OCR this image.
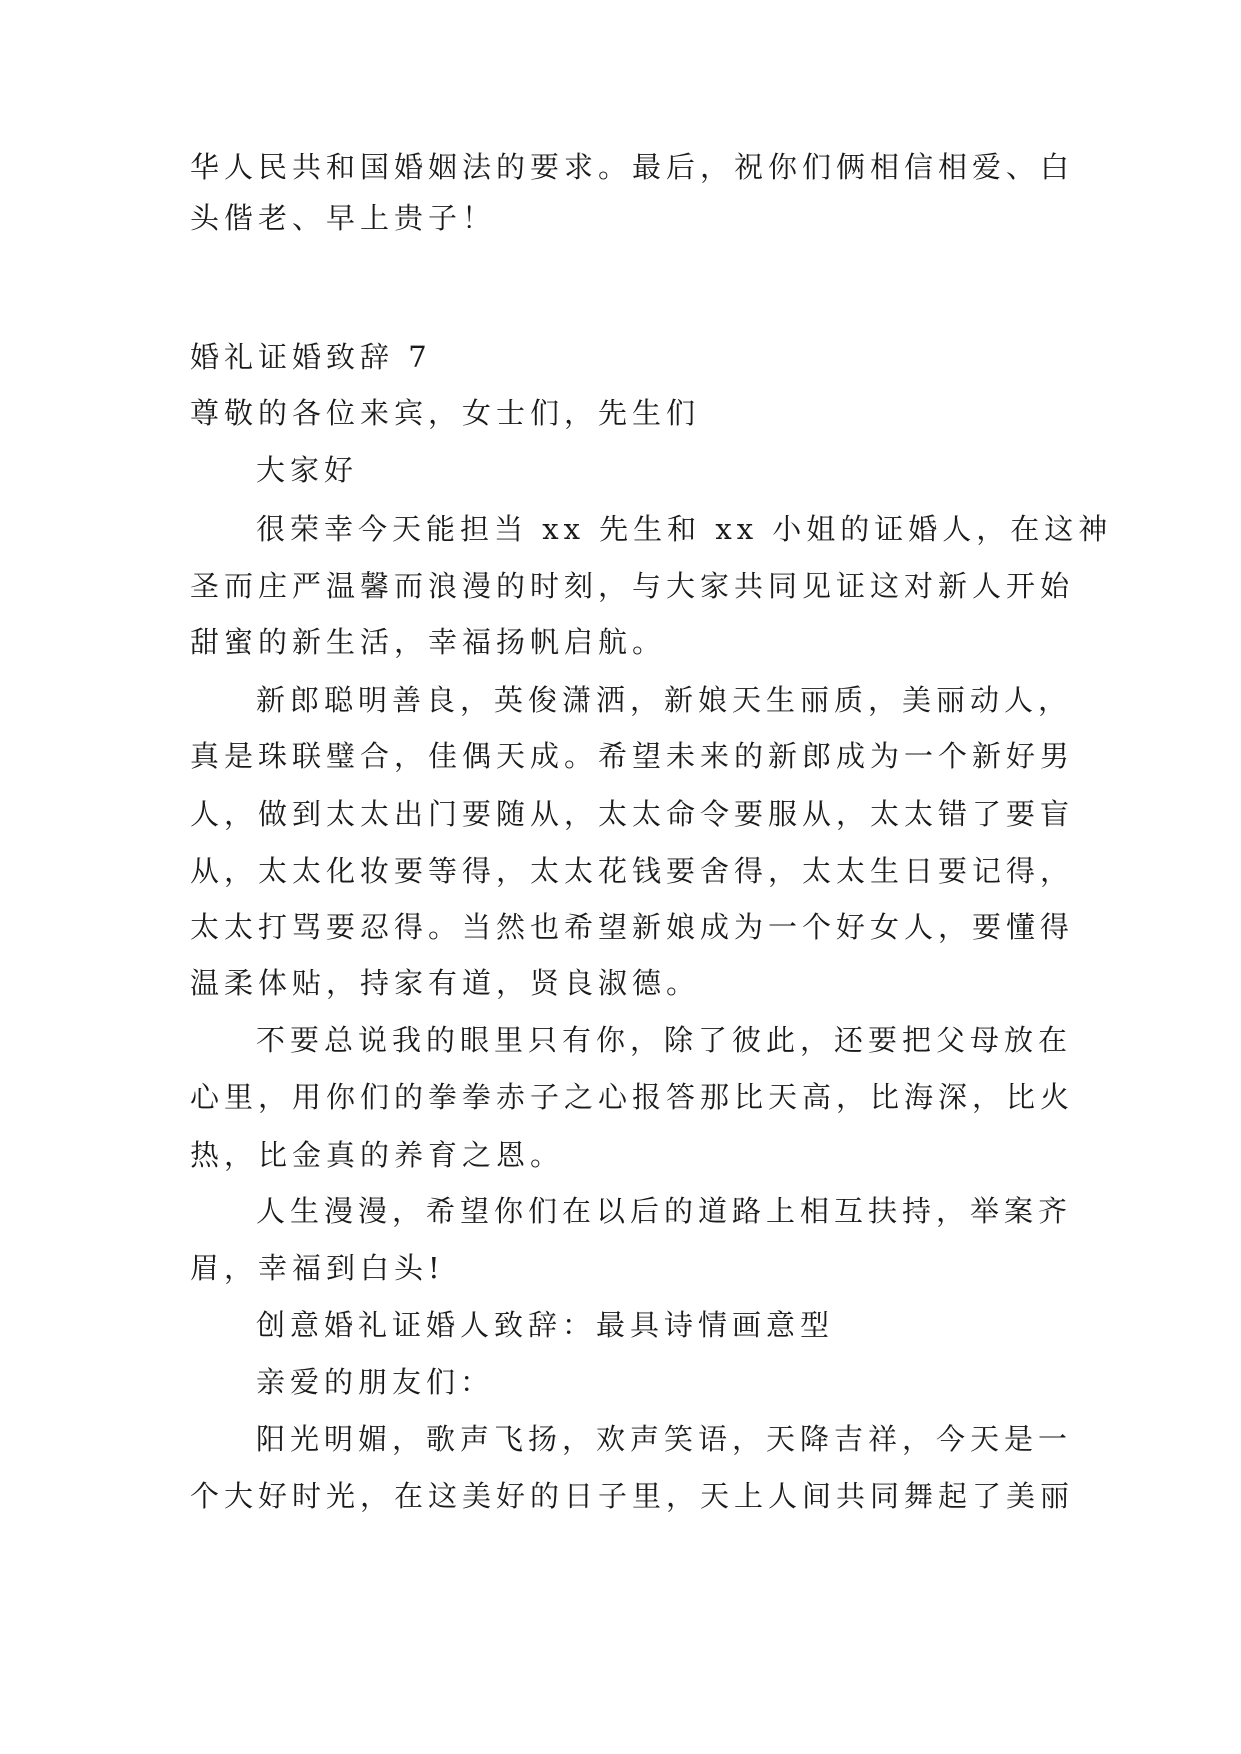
华人民共和国婚姻法的要求。最后，祝你们俩相信相爱、白
头偕老、早上贵子！
婚礼证婚致辞 7
尊敬的各位来宾，女士们，先生们
大家好
很荣幸今天能担当 xx 先生和 xx 小姐的证婚人，在这神
圣而庄严温馨而浪漫的时刻，与大家共同见证这对新人开始
甜蜜的新生活，幸福扬帆启航。
新郎聪明善良，英俊潇洒，新娘天生丽质，美丽动人，
真是珠联璧合，佳偶天成。希望未来的新郎成为一个新好男
人，做到太太出门要随从，太太命令要服从，太太错了要盲
从，太太化妆要等得，太太花钱要舍得，太太生日要记得，
太太打骂要忍得。当然也希望新娘成为一个好女人，要懂得
温柔体贴，持家有道，贤良淑德。
不要总说我的眼里只有你，除了彼此，还要把父母放在
心里，用你们的拳拳赤子之心报答那比天高，比海深，比火
热，比金真的养育之恩。
人生漫漫，希望你们在以后的道路上相互扶持，举案齐
眉，幸福到白头!
创意婚礼证婚人致辞：最具诗情画意型
亲爱的朋友们：
阳光明媚，歌声飞扬，欢声笑语，天降吉祥，今天是一
个大好时光，在这美好的日子里，天上人间共同舞起了美丽
